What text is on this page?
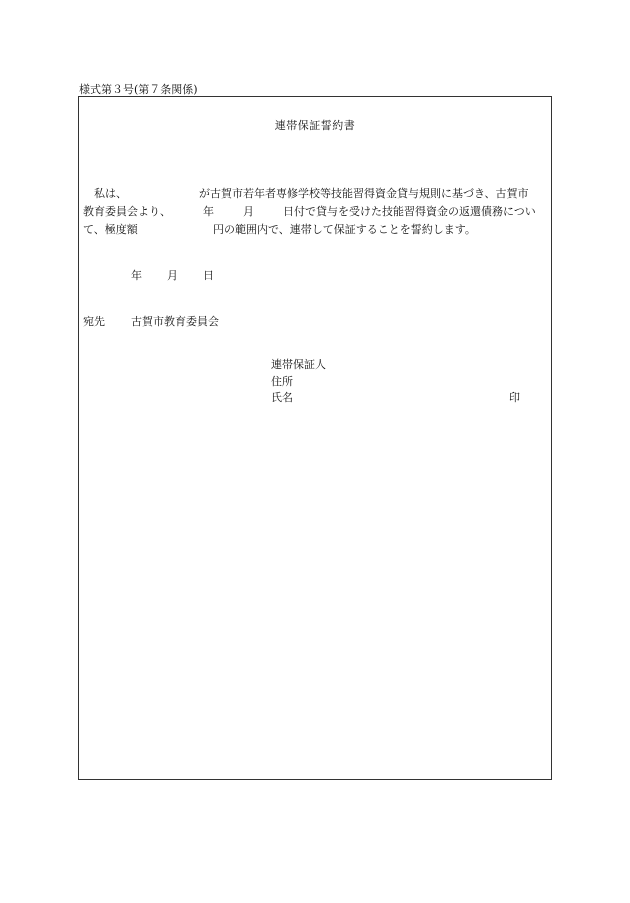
様式第３号(第７条関係)
連帯保証誓約書
　私は、	が古賀市若年者専修学校等技能習得資金貸与規則に基づき、古賀市
教育委員会より、	年	月	日付で貸与を受けた技能習得資金の返還債務につい
て、極度額	円の範囲内で、連帯して保証することを誓約します。
年 月 日
宛先 古賀市教育委員会
連帯保証人
住所
氏名	印
